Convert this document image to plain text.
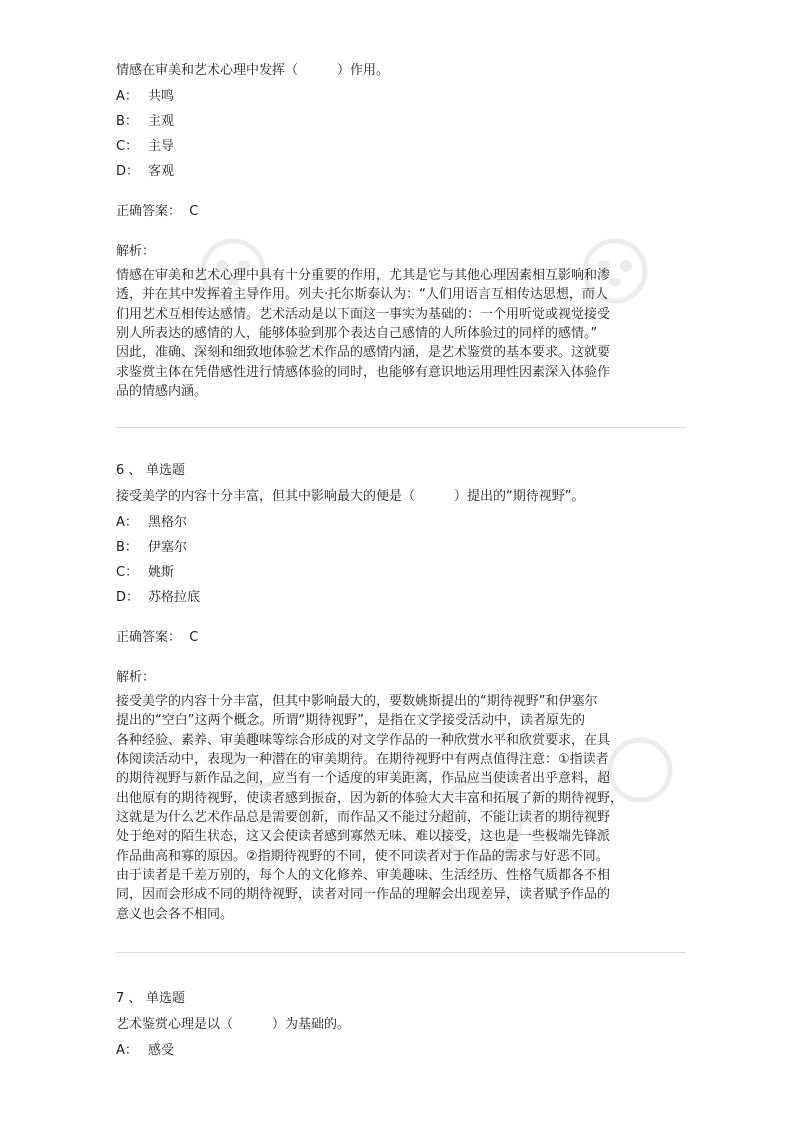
情感在审美和艺术心理中发挥（　　　）作用。
A： 共鸣
B： 主观
C： 主导
D： 客观
正确答案： C
解析：
情感在审美和艺术心理中具有十分重要的作用，尤其是它与其他心理因素相互影响和渗
透，并在其中发挥着主导作用。列夫·托尔斯泰认为：“人们用语言互相传达思想，而人
们用艺术互相传达感情。艺术活动是以下面这一事实为基础的：一个用听觉或视觉接受
别人所表达的感情的人，能够体验到那个表达自己感情的人所体验过的同样的感情。”
因此，准确、深刻和细致地体验艺术作品的感情内涵，是艺术鉴赏的基本要求。这就要
求鉴赏主体在凭借感性进行情感体验的同时，也能够有意识地运用理性因素深入体验作
品的情感内涵。
6 、 单选题
接受美学的内容十分丰富，但其中影响最大的便是（　　　）提出的“期待视野”。
A： 黑格尔
B： 伊塞尔
C： 姚斯
D： 苏格拉底
正确答案： C
解析：
接受美学的内容十分丰富，但其中影响最大的，要数姚斯提出的“期待视野”和伊塞尔
提出的“空白”这两个概念。所谓“期待视野”，是指在文学接受活动中，读者原先的
各种经验、素养、审美趣味等综合形成的对文学作品的一种欣赏水平和欣赏要求，在具
体阅读活动中，表现为一种潜在的审美期待。在期待视野中有两点值得注意：①指读者
的期待视野与新作品之间，应当有一个适度的审美距离，作品应当使读者出乎意料，超
出他原有的期待视野，使读者感到振奋，因为新的体验大大丰富和拓展了新的期待视野，
这就是为什么艺术作品总是需要创新，而作品又不能过分超前，不能让读者的期待视野
处于绝对的陌生状态，这又会使读者感到寡然无味、难以接受，这也是一些极端先锋派
作品曲高和寡的原因。②指期待视野的不同，使不同读者对于作品的需求与好恶不同。
由于读者是千差万别的，每个人的文化修养、审美趣味、生活经历、性格气质都各不相
同，因而会形成不同的期待视野，读者对同一作品的理解会出现差异，读者赋予作品的
意义也会各不相同。
7 、 单选题
艺术鉴赏心理是以（　　　）为基础的。
A： 感受
